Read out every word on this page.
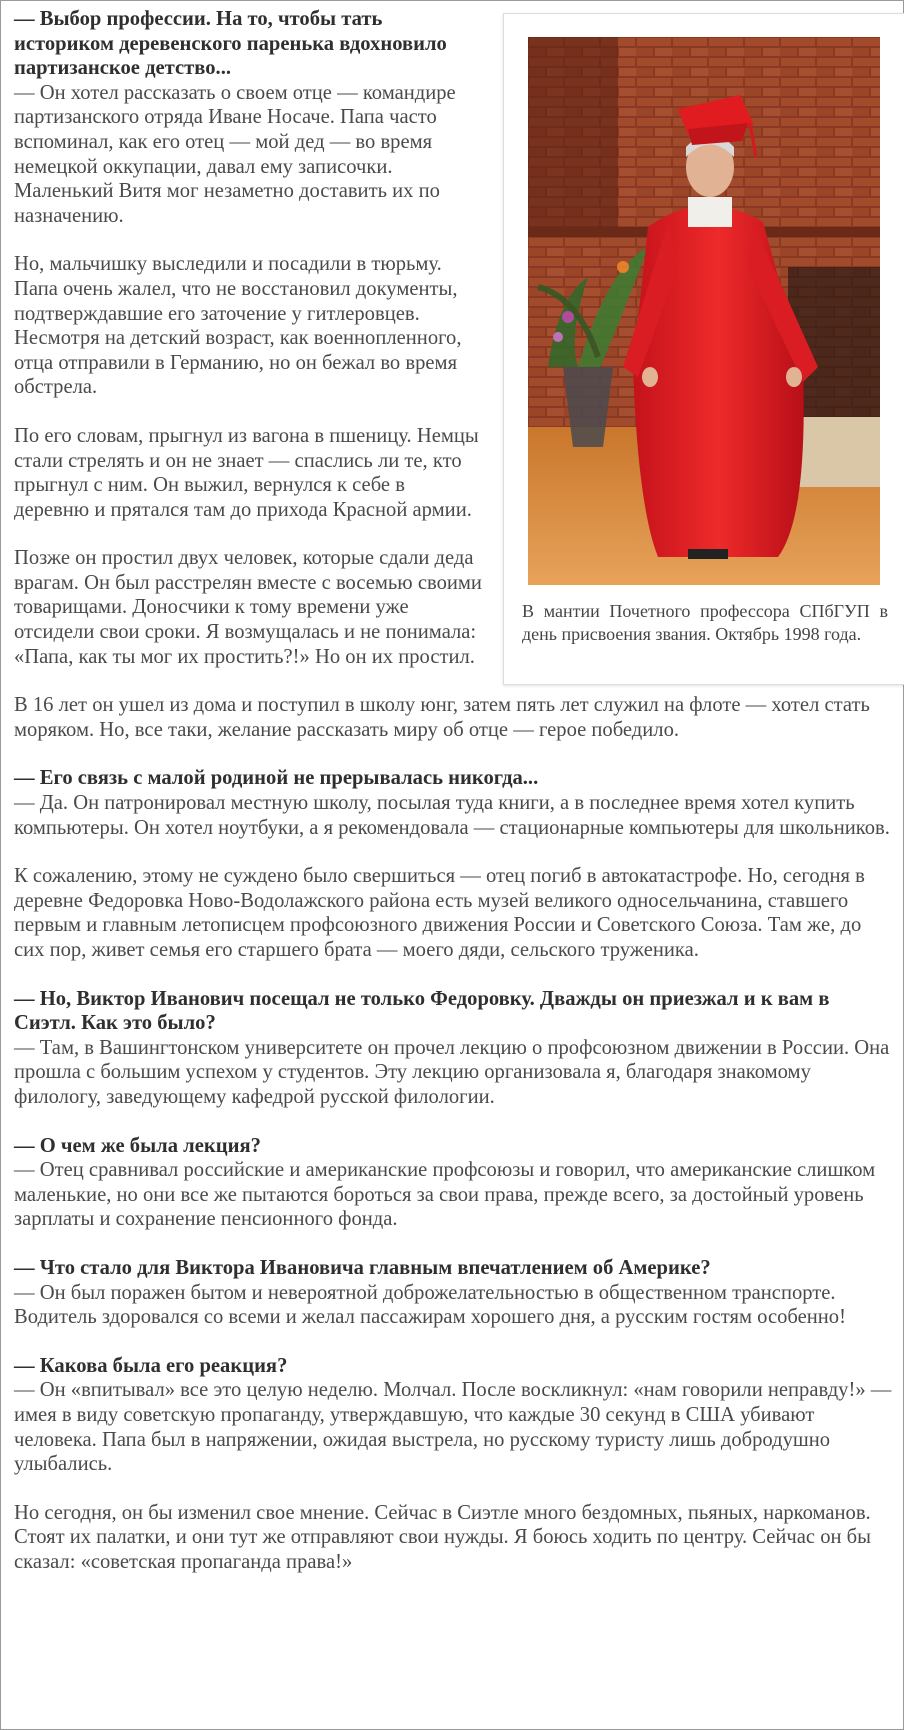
В мантии Почетного профессора СПбГУП в день присвоения звания. Октябрь 1998 года.

— Выбор профессии. На то, чтобы тать историком деревенского паренька вдохновило партизанское детство...
— Он хотел рассказать о своем отце — командире партизанского отряда Иване Носаче. Папа часто вспоминал, как его отец — мой дед — во время немецкой оккупации, давал ему записочки. Маленький Витя мог незаметно доставить их по назначению.

Но, мальчишку выследили и посадили в тюрьму. Папа очень жалел, что не восстановил документы, подтверждавшие его заточение у гитлеровцев. Несмотря на детский возраст, как военнопленного, отца отправили в Германию, но он бежал во время обстрела.

По его словам, прыгнул из вагона в пшеницу. Немцы стали стрелять и он не знает — спаслись ли те, кто прыгнул с ним. Он выжил, вернулся к себе в деревню и прятался там до прихода Красной армии.

Позже он простил двух человек, которые сдали деда врагам. Он был расстрелян вместе с восемью своими товарищами. Доносчики к тому времени уже отсидели свои сроки. Я возмущалась и не понимала: «Папа, как ты мог их простить?!» Но он их простил.

В 16 лет он ушел из дома и поступил в школу юнг, затем пять лет служил на флоте — хотел стать моряком. Но, все таки, желание рассказать миру об отце — герое победило.

— Его связь с малой родиной не прерывалась никогда...
— Да. Он патронировал местную школу, посылая туда книги, а в последнее время хотел купить компьютеры. Он хотел ноутбуки, а я рекомендовала — стационарные компьютеры для школьников.

К сожалению, этому не суждено было свершиться — отец погиб в автокатастрофе. Но, сегодня в деревне Федоровка Ново-Водолажского района есть музей великого односельчанина, ставшего первым и главным летописцем профсоюзного движения России и Советского Союза. Там же, до сих пор, живет семья его старшего брата — моего дяди, сельского труженика.

— Но, Виктор Иванович посещал не только Федоровку. Дважды он приезжал и к вам в Сиэтл. Как это было?
— Там, в Вашингтонском университете он прочел лекцию о профсоюзном движении в России. Она прошла с большим успехом у студентов. Эту лекцию организовала я, благодаря знакомому филологу, заведующему кафедрой русской филологии.

— О чем же была лекция?
— Отец сравнивал российские и американские профсоюзы и говорил, что американские слишком маленькие, но они все же пытаются бороться за свои права, прежде всего, за достойный уровень зарплаты и сохранение пенсионного фонда.

— Что стало для Виктора Ивановича главным впечатлением об Америке?
— Он был поражен бытом и невероятной доброжелательностью в общественном транспорте. Водитель здоровался со всеми и желал пассажирам хорошего дня, а русским гостям особенно!

— Какова была его реакция?
— Он «впитывал» все это целую неделю. Молчал. После воскликнул: «нам говорили неправду!» — имея в виду советскую пропаганду, утверждавшую, что каждые 30 секунд в США убивают человека. Папа был в напряжении, ожидая выстрела, но русскому туристу лишь добродушно улыбались.

Но сегодня, он бы изменил свое мнение. Сейчас в Сиэтле много бездомных, пьяных, наркоманов. Стоят их палатки, и они тут же отправляют свои нужды. Я боюсь ходить по центру. Сейчас он бы сказал: «советская пропаганда права!»
